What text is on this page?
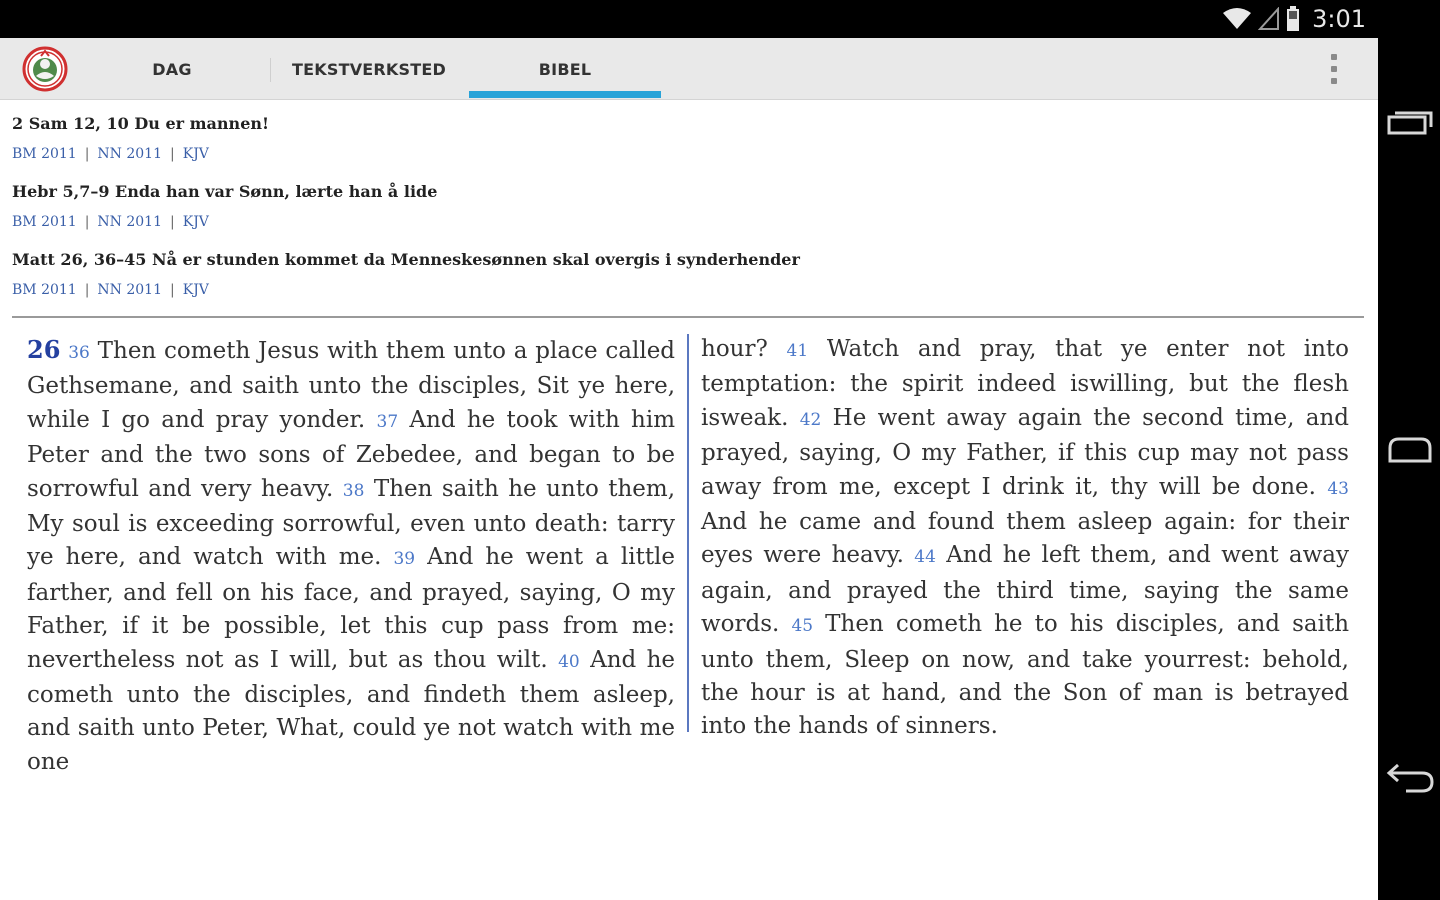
3:01
DAG	TEKSTVERKSTED	BIBEL
2 Sam 12, 10 Du er mannen!
BM 2011 | NN 2011 | KJV
Hebr 5,7–9 Enda han var Sønn, lærte han å lide
BM 2011 | NN 2011 | KJV
Matt 26, 36–45 Nå er stunden kommet da Menneskesønnen skal overgis i synderhender
BM 2011 | NN 2011 | KJV
26 36 Then cometh Jesus with them unto a place called Gethsemane, and saith unto the disciples, Sit ye here, while I go and pray yonder. 37 And he took with him Peter and the two sons of Zebedee, and began to be sorrowful and very heavy. 38 Then saith he unto them, My soul is exceeding sorrowful, even unto death: tarry ye here, and watch with me. 39 And he went a little farther, and fell on his face, and prayed, saying, O my Father, if it be possible, let this cup pass from me: nevertheless not as I will, but as thou wilt. 40 And he cometh unto the disciples, and findeth them asleep, and saith unto Peter, What, could ye not watch with me one
hour? 41 Watch and pray, that ye enter not into temptation: the spirit indeed iswilling, but the flesh isweak. 42 He went away again the second time, and prayed, saying, O my Father, if this cup may not pass away from me, except I drink it, thy will be done. 43 And he came and found them asleep again: for their eyes were heavy. 44 And he left them, and went away again, and prayed the third time, saying the same words. 45 Then cometh he to his disciples, and saith unto them, Sleep on now, and take yourrest: behold, the hour is at hand, and the Son of man is betrayed into the hands of sinners.
